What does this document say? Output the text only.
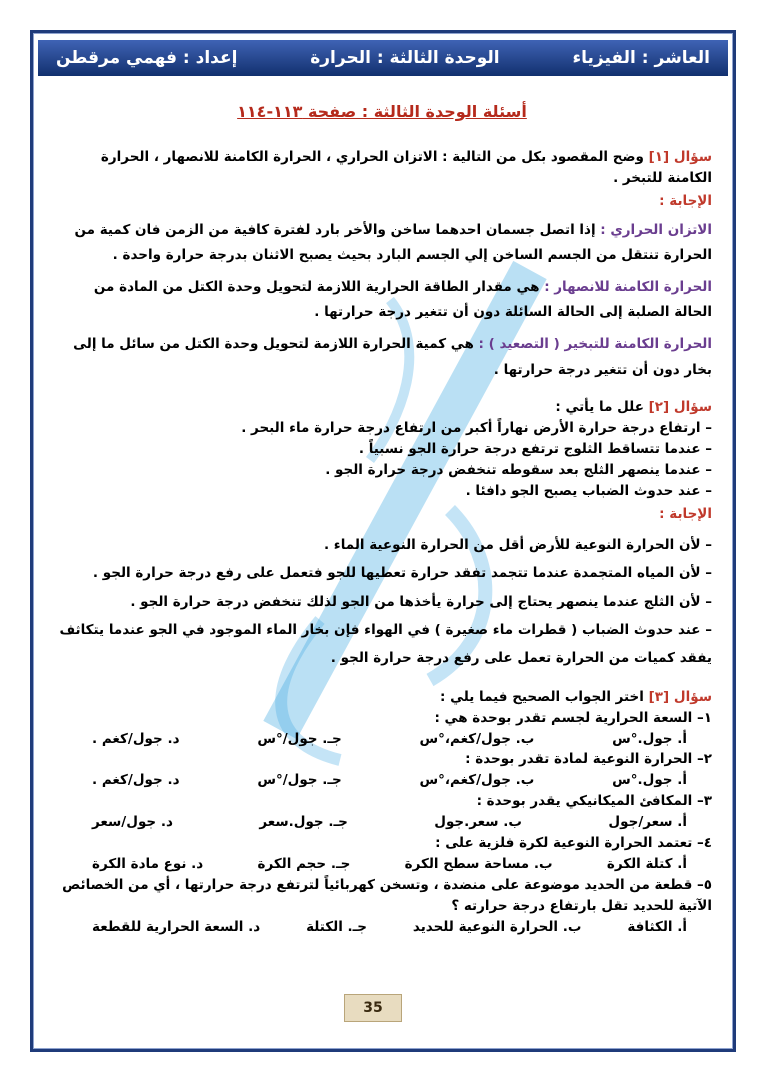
العاشر : الفيزياء
الوحدة الثالثة : الحرارة
إعداد : فهمي مرقطن
أسئلة الوحدة الثالثة : صفحة ١١٣-١١٤
سؤال [١] وضح المقصود بكل من التالية : الاتزان الحراري ، الحرارة الكامنة للانصهار ، الحرارة الكامنة للتبخر .
الإجابة :
الاتزان الحراري : إذا اتصل جسمان احدهما ساخن والأخر بارد لفترة كافية من الزمن فان كمية من الحرارة تنتقل من الجسم الساخن إلي الجسم البارد بحيث يصبح الاثنان بدرجة حرارة واحدة .
الحرارة الكامنة للانصهار : هي مقدار الطاقة الحرارية اللازمة لتحويل وحدة الكتل من المادة من الحالة الصلبة إلى الحالة السائلة دون أن تتغير درجة حرارتها .
الحرارة الكامنة للتبخير ( التصعيد ) : هي كمية الحرارة اللازمة لتحويل وحدة الكتل من سائل ما إلى بخار دون أن تتغير درجة حرارتها .
سؤال [٢] علل ما يأتي :
– ارتفاع درجة حرارة الأرض نهاراً أكبر من ارتفاع درجة حرارة ماء البحر .
– عندما تتساقط الثلوج ترتفع درجة حرارة الجو نسبياً .
– عندما ينصهر الثلج بعد سقوطه تنخفض درجة حرارة الجو .
– عند حدوث الضباب يصبح الجو دافئا .
الإجابة :
– لأن الحرارة النوعية للأرض أقل من الحرارة النوعية الماء .
– لأن المياه المتجمدة عندما تتجمد تفقد حرارة تعطيها للجو فتعمل على رفع درجة حرارة الجو .
– لأن الثلج عندما ينصهر يحتاج إلى حرارة يأخذها من الجو لذلك تنخفض درجة حرارة الجو .
– عند حدوث الضباب ( قطرات ماء صغيرة ) في الهواء فإن بخار الماء الموجود في الجو عندما يتكاثف يفقد كميات من الحرارة تعمل على رفع درجة حرارة الجو .
سؤال [٣] اختر الجواب الصحيح فيما يلي :
١– السعة الحرارية لجسم تقدر بوحدة هي :
أ. جول.°س
ب. جول/كغم،°س
جـ. جول/°س
د. جول/كغم .
٢– الحرارة النوعية لمادة تقدر بوحدة :
أ. جول.°س
ب. جول/كغم،°س
جـ. جول/°س
د. جول/كغم .
٣– المكافئ الميكانيكي يقدر بوحدة :
أ. سعر/جول
ب. سعر.جول
جـ. جول.سعر
د. جول/سعر
٤– تعتمد الحرارة النوعية لكرة فلزية على :
أ. كتلة الكرة
ب. مساحة سطح الكرة
جـ. حجم الكرة
د. نوع مادة الكرة
٥– قطعة من الحديد موضوعة على منضدة ، وتسخن كهربائياً لترتفع درجة حرارتها ، أي من الخصائص الآتية للحديد تقل بارتفاع درجة حرارته ؟
أ. الكثافة
ب. الحرارة النوعية للحديد
جـ. الكتلة
د. السعة الحرارية للقطعة
35
